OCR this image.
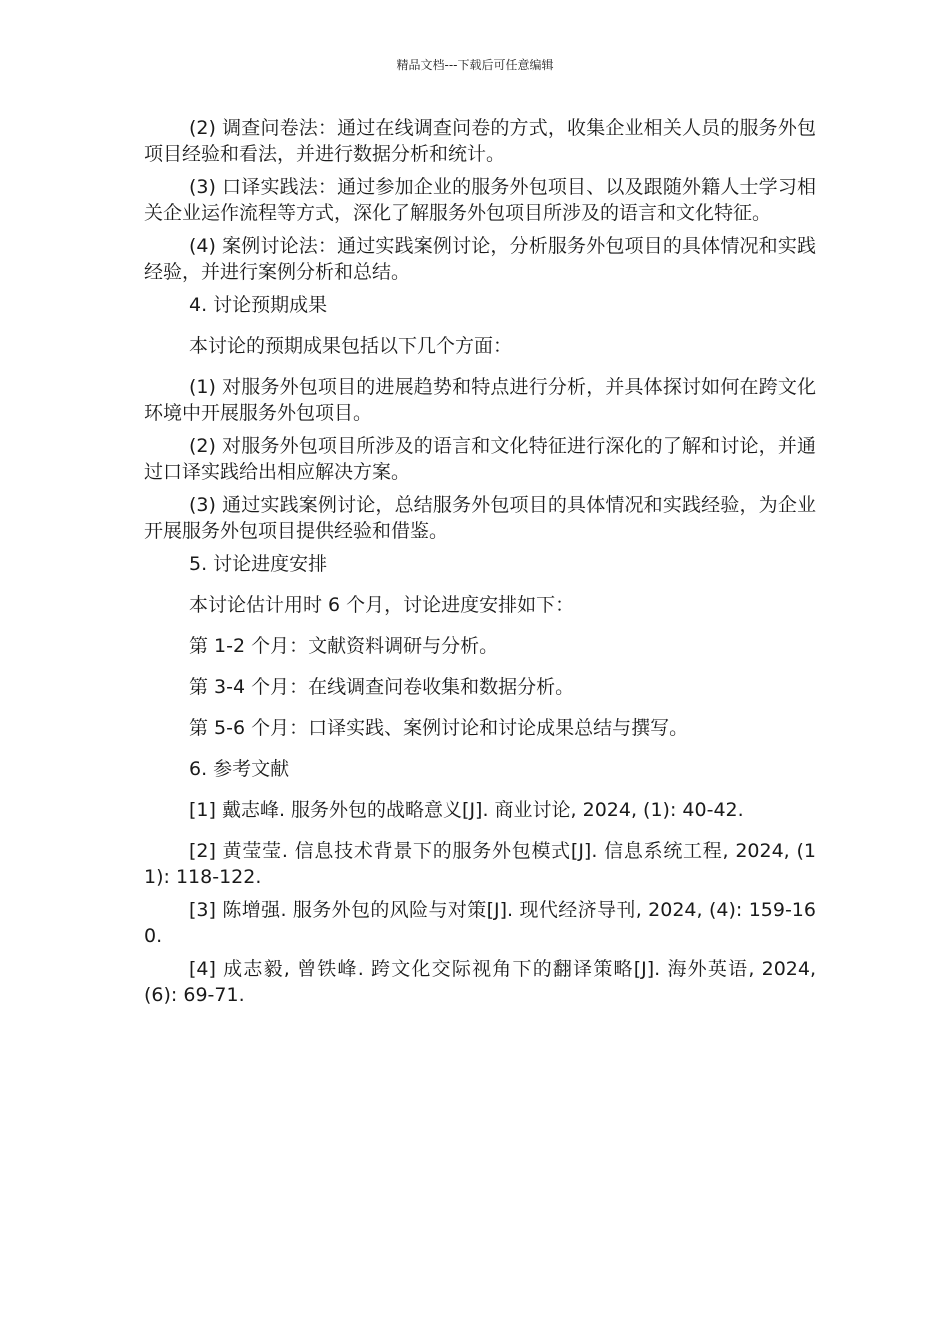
精品文档---下载后可任意编辑

(2) 调查问卷法：通过在线调查问卷的方式，收集企业相关人员的服务外包项目经验和看法，并进行数据分析和统计。

(3) 口译实践法：通过参加企业的服务外包项目、以及跟随外籍人士学习相关企业运作流程等方式，深化了解服务外包项目所涉及的语言和文化特征。

(4) 案例讨论法：通过实践案例讨论，分析服务外包项目的具体情况和实践经验，并进行案例分析和总结。

4. 讨论预期成果

本讨论的预期成果包括以下几个方面：

(1) 对服务外包项目的进展趋势和特点进行分析，并具体探讨如何在跨文化环境中开展服务外包项目。

(2) 对服务外包项目所涉及的语言和文化特征进行深化的了解和讨论，并通过口译实践给出相应解决方案。

(3) 通过实践案例讨论，总结服务外包项目的具体情况和实践经验，为企业开展服务外包项目提供经验和借鉴。

5. 讨论进度安排

本讨论估计用时 6 个月，讨论进度安排如下：

第 1-2 个月：文献资料调研与分析。

第 3-4 个月：在线调查问卷收集和数据分析。

第 5-6 个月：口译实践、案例讨论和讨论成果总结与撰写。

6. 参考文献

[1] 戴志峰. 服务外包的战略意义[J]. 商业讨论, 2024, (1): 40-42.

[2] 黄莹莹. 信息技术背景下的服务外包模式[J]. 信息系统工程, 2024, (11): 118-122.

[3] 陈增强. 服务外包的风险与对策[J]. 现代经济导刊, 2024, (4): 159-160.

[4] 成志毅, 曾铁峰. 跨文化交际视角下的翻译策略[J]. 海外英语, 2024, (6): 69-71.
